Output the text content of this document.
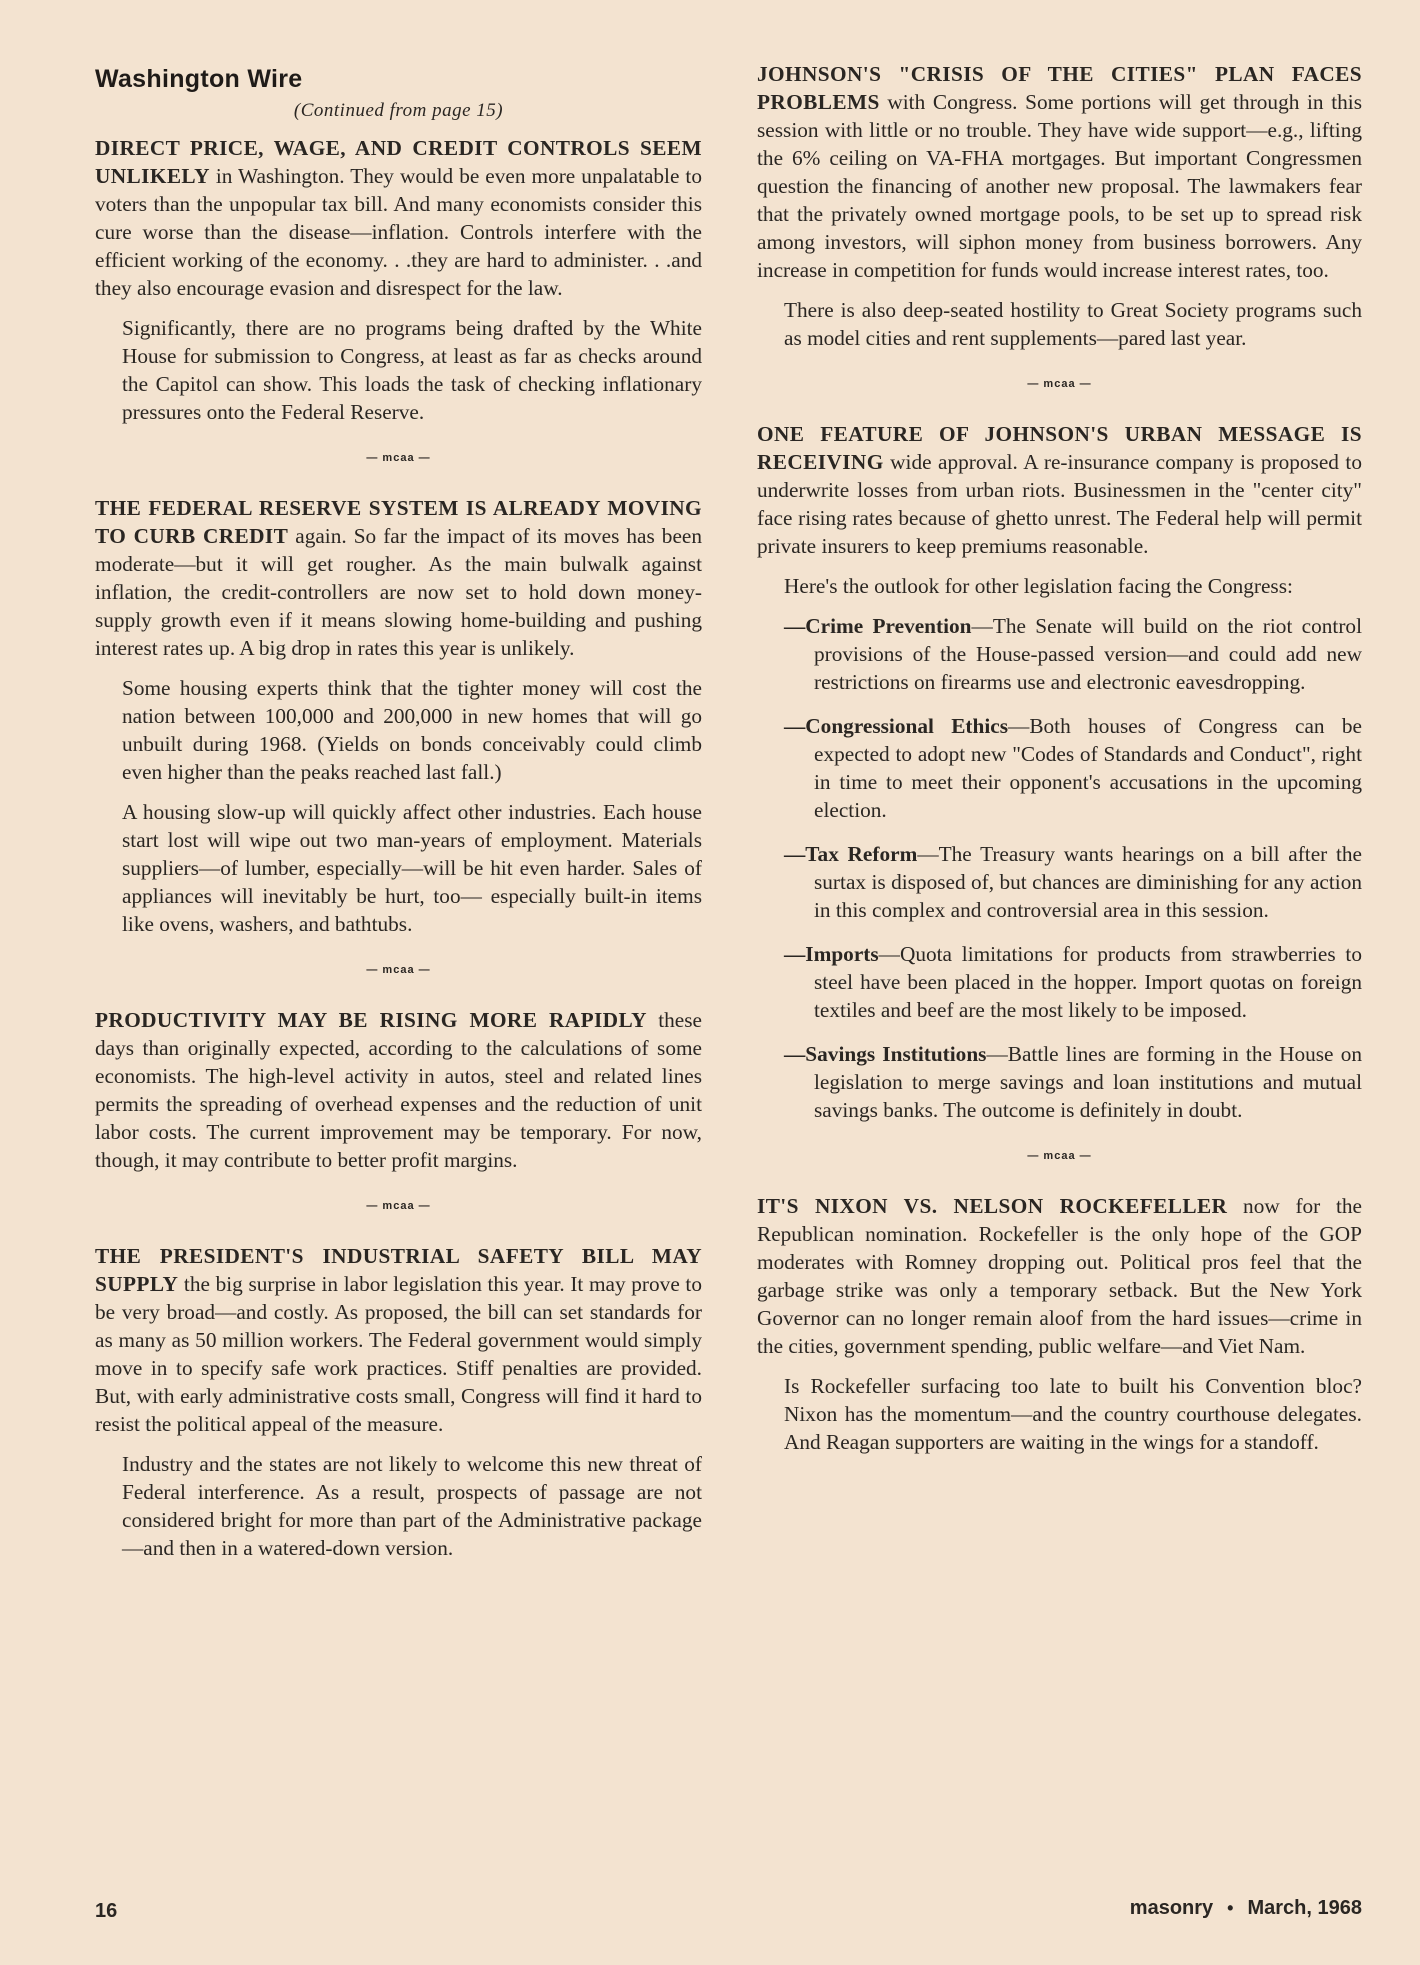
Washington Wire
(Continued from page 15)

DIRECT PRICE, WAGE, AND CREDIT CONTROLS SEEM UNLIKELY in Washington. They would be even more unpalatable to voters than the unpopular tax bill. And many economists consider this cure worse than the disease—inflation. Controls interfere with the efficient working of the economy. . .they are hard to administer. . .and they also encourage evasion and disrespect for the law.

Significantly, there are no programs being drafted by the White House for submission to Congress, at least as far as checks around the Capitol can show. This loads the task of checking inflationary pressures onto the Federal Reserve.

— mcaa —

THE FEDERAL RESERVE SYSTEM IS ALREADY MOVING TO CURB CREDIT again. So far the impact of its moves has been moderate—but it will get rougher. As the main bulwalk against inflation, the credit-controllers are now set to hold down money-supply growth even if it means slowing home-building and pushing interest rates up. A big drop in rates this year is unlikely.

Some housing experts think that the tighter money will cost the nation between 100,000 and 200,000 in new homes that will go unbuilt during 1968. (Yields on bonds conceivably could climb even higher than the peaks reached last fall.)

A housing slow-up will quickly affect other industries. Each house start lost will wipe out two man-years of employment. Materials suppliers—of lumber, especially—will be hit even harder. Sales of appliances will inevitably be hurt, too— especially built-in items like ovens, washers, and bathtubs.

— mcaa —

PRODUCTIVITY MAY BE RISING MORE RAPIDLY these days than originally expected, according to the calculations of some economists. The high-level activity in autos, steel and related lines permits the spreading of overhead expenses and the reduction of unit labor costs. The current improvement may be temporary. For now, though, it may contribute to better profit margins.

— mcaa —

THE PRESIDENT'S INDUSTRIAL SAFETY BILL MAY SUPPLY the big surprise in labor legislation this year. It may prove to be very broad—and costly. As proposed, the bill can set standards for as many as 50 million workers. The Federal government would simply move in to specify safe work practices. Stiff penalties are provided. But, with early administrative costs small, Congress will find it hard to resist the political appeal of the measure.

Industry and the states are not likely to welcome this new threat of Federal interference. As a result, prospects of passage are not considered bright for more than part of the Administrative package—and then in a watered-down version.

JOHNSON'S "CRISIS OF THE CITIES" PLAN FACES PROBLEMS with Congress. Some portions will get through in this session with little or no trouble. They have wide support—e.g., lifting the 6% ceiling on VA-FHA mortgages. But important Congressmen question the financing of another new proposal. The lawmakers fear that the privately owned mortgage pools, to be set up to spread risk among investors, will siphon money from business borrowers. Any increase in competition for funds would increase interest rates, too.

There is also deep-seated hostility to Great Society programs such as model cities and rent supplements—pared last year.

— mcaa —

ONE FEATURE OF JOHNSON'S URBAN MESSAGE IS RECEIVING wide approval. A re-insurance company is proposed to underwrite losses from urban riots. Businessmen in the "center city" face rising rates because of ghetto unrest. The Federal help will permit private insurers to keep premiums reasonable.

Here's the outlook for other legislation facing the Congress:

—Crime Prevention—The Senate will build on the riot control provisions of the House-passed version—and could add new restrictions on firearms use and electronic eavesdropping.

—Congressional Ethics—Both houses of Congress can be expected to adopt new "Codes of Standards and Conduct", right in time to meet their opponent's accusations in the upcoming election.

—Tax Reform—The Treasury wants hearings on a bill after the surtax is disposed of, but chances are diminishing for any action in this complex and controversial area in this session.

—Imports—Quota limitations for products from strawberries to steel have been placed in the hopper. Import quotas on foreign textiles and beef are the most likely to be imposed.

—Savings Institutions—Battle lines are forming in the House on legislation to merge savings and loan institutions and mutual savings banks. The outcome is definitely in doubt.

— mcaa —

IT'S NIXON VS. NELSON ROCKEFELLER now for the Republican nomination. Rockefeller is the only hope of the GOP moderates with Romney dropping out. Political pros feel that the garbage strike was only a temporary setback. But the New York Governor can no longer remain aloof from the hard issues—crime in the cities, government spending, public welfare—and Viet Nam.

Is Rockefeller surfacing too late to built his Convention bloc? Nixon has the momentum—and the country courthouse delegates. And Reagan supporters are waiting in the wings for a standoff.

16	masonry • March, 1968
